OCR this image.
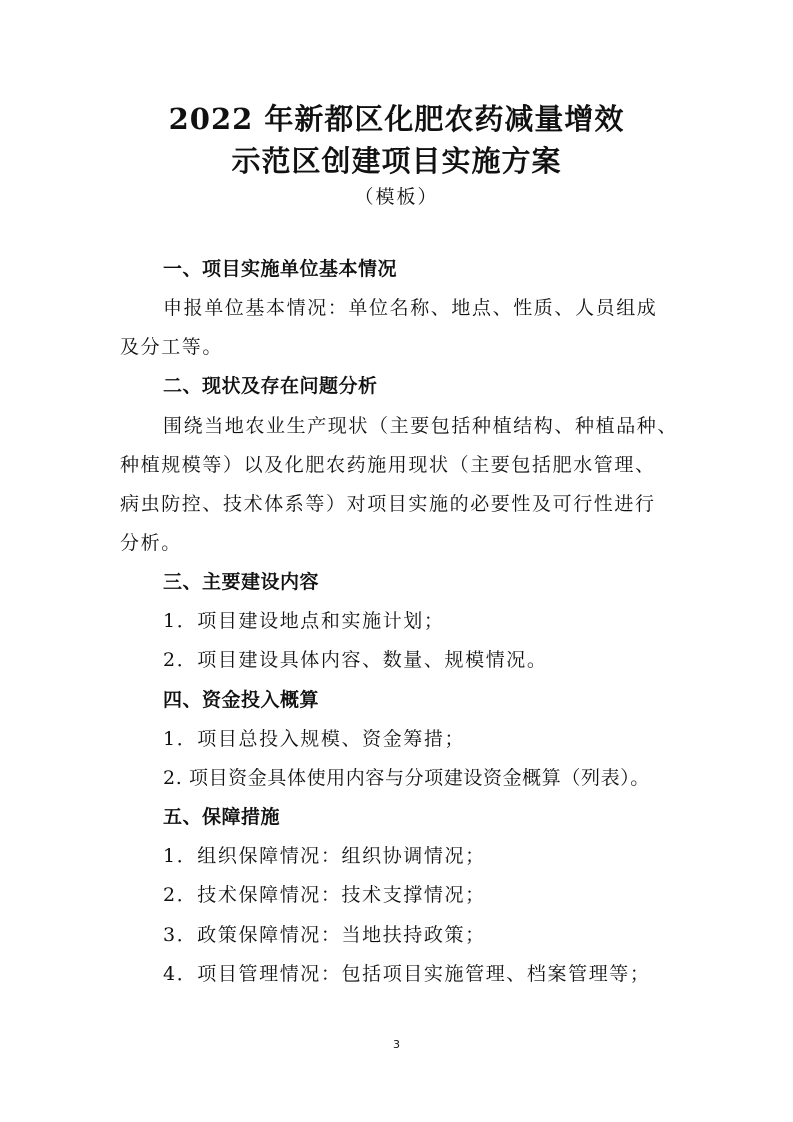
2022 年新都区化肥农药减量增效
示范区创建项目实施方案
（模板）
一、项目实施单位基本情况
申报单位基本情况：单位名称、地点、性质、人员组成
及分工等。
二、现状及存在问题分析
围绕当地农业生产现状（主要包括种植结构、种植品种、
种植规模等）以及化肥农药施用现状（主要包括肥水管理、
病虫防控、技术体系等）对项目实施的必要性及可行性进行
分析。
三、主要建设内容
1．项目建设地点和实施计划；
2．项目建设具体内容、数量、规模情况。
四、资金投入概算
1．项目总投入规模、资金筹措；
2. 项目资金具体使用内容与分项建设资金概算（列表）。
五、保障措施
1．组织保障情况：组织协调情况；
2．技术保障情况：技术支撑情况；
3．政策保障情况：当地扶持政策；
4．项目管理情况：包括项目实施管理、档案管理等；
3
